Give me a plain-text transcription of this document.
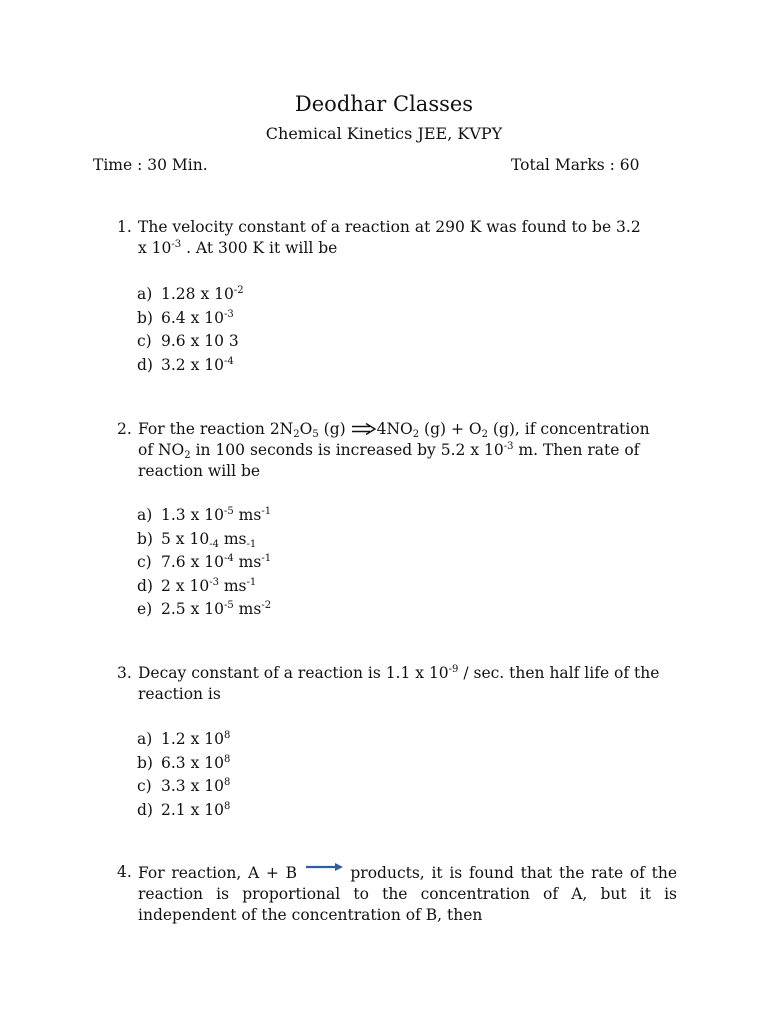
Deodhar Classes
Chemical Kinetics JEE, KVPY
Time : 30 Min.	Total Marks : 60
1. The velocity constant of a reaction at 290 K was found to be 3.2
x $10^{-3}$ . At 300 K it will be
a) 1.28 x $10^{-2}$
b) 6.4 x $10^{-3}$
c) 9.6 x 10 3
d) 3.2 x $10^{-4}$
2. For the reaction $2N_2O_5$ (g) $4NO_2$ $(g) + O_2$ (g), if concentration
of $NO_2$ in 100 seconds is increased by 5.2 x $10^{-3}$ m. Then rate of
reaction will be
a) 1.3 x $10^{-5}$ $ms^{-1}$
b) 5 x $10_{-4}$ $ms_{-1}$
c) 7.6 x $10^{-4}$ $ms^{-1}$
d) 2 x $10^{-3}$ $ms^{-1}$
e) 2.5 x $10^{-5}$ $ms^{-2}$
3. Decay constant of a reaction is 1.1 x $10^{-9}$ / sec. then half life of the
reaction is
a) 1.2 x $10^8$
b) 6.3 x $10^8$
c) 3.3 x $10^8$
d) 2.1 x $10^8$
4. For reaction, A + B	products, it is found that the rate of the reaction is proportional to the concentration of A, but it is independent of the concentration of B, then
